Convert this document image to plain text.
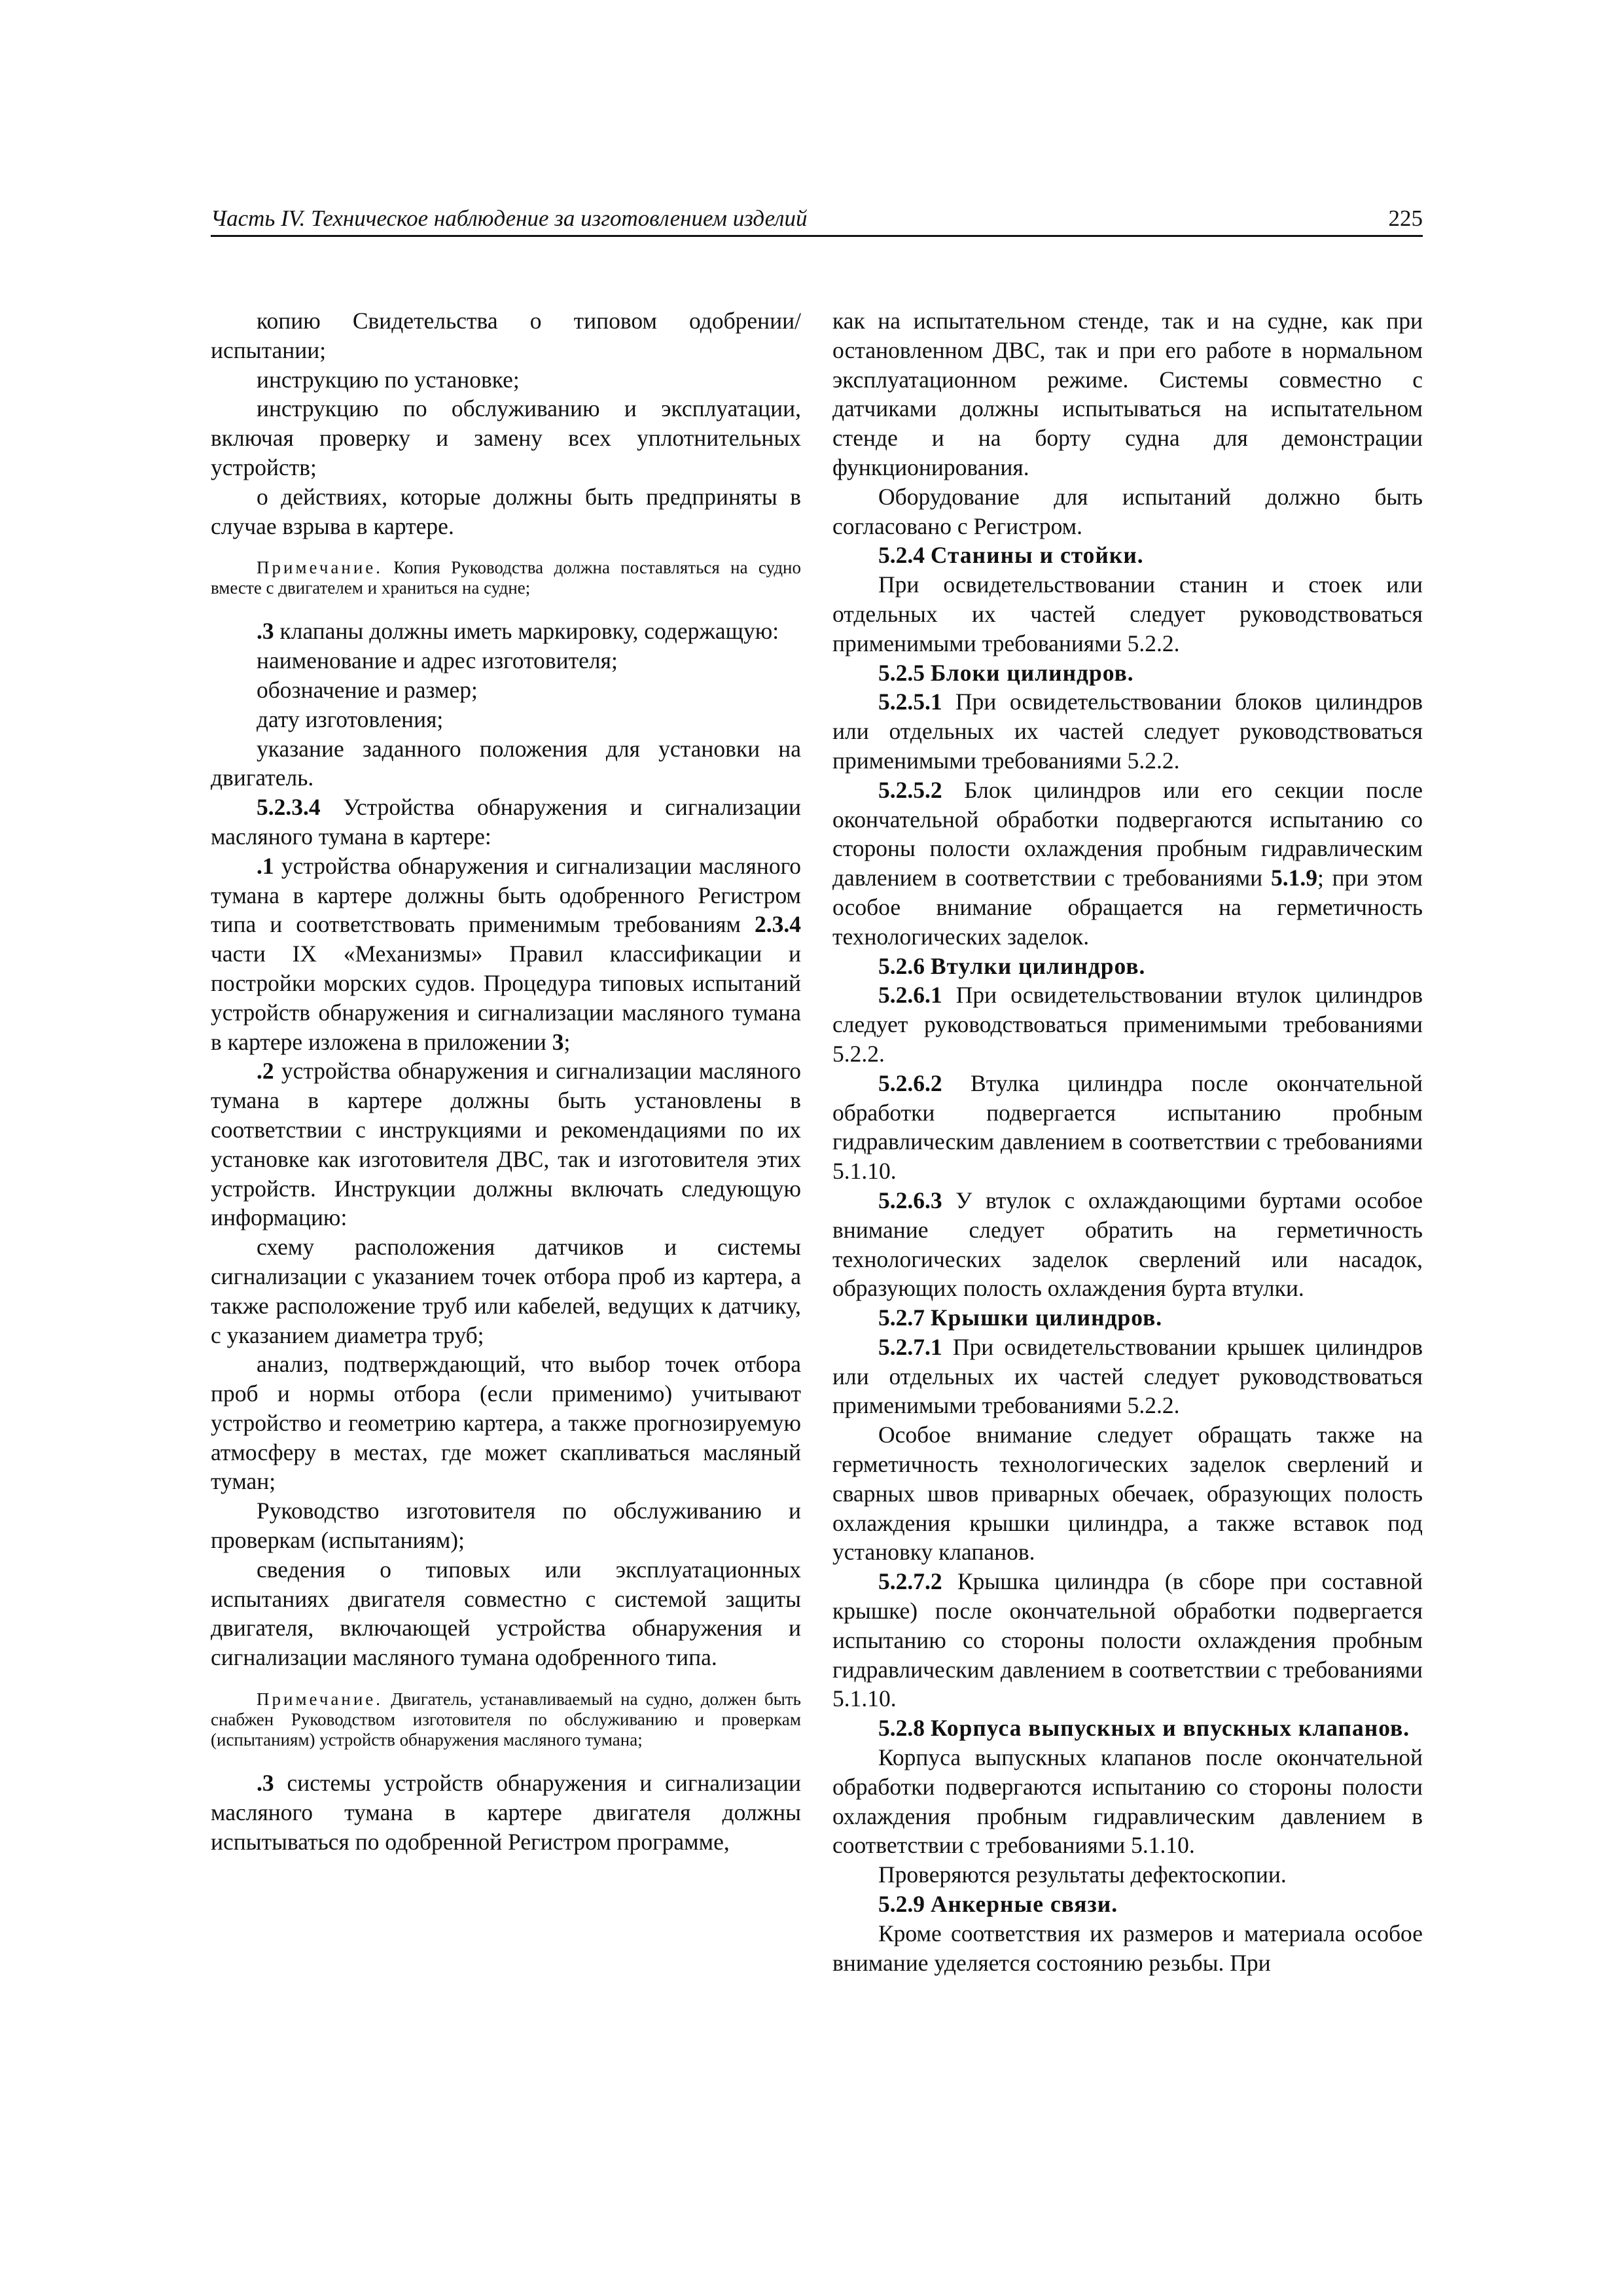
Часть IV. Техническое наблюдение за изготовлением изделий	225

копию Свидетельства о типовом одобрении/испытании;

инструкцию по установке;

инструкцию по обслуживанию и эксплуатации, включая проверку и замену всех уплотнительных устройств;

о действиях, которые должны быть предприняты в случае взрыва в картере.

Примечание. Копия Руководства должна поставляться на судно вместе с двигателем и храниться на судне;

.3 клапаны должны иметь маркировку, содержащую:

наименование и адрес изготовителя;

обозначение и размер;

дату изготовления;

указание заданного положения для установки на двигатель.

5.2.3.4 Устройства обнаружения и сигнализации масляного тумана в картере:

.1 устройства обнаружения и сигнализации масляного тумана в картере должны быть одобренного Регистром типа и соответствовать применимым требованиям 2.3.4 части IX «Механизмы» Правил классификации и постройки морских судов. Процедура типовых испытаний устройств обнаружения и сигнализации масляного тумана в картере изложена в приложении 3;

.2 устройства обнаружения и сигнализации масляного тумана в картере должны быть установлены в соответствии с инструкциями и рекомендациями по их установке как изготовителя ДВС, так и изготовителя этих устройств. Инструкции должны включать следующую информацию:

схему расположения датчиков и системы сигнализации с указанием точек отбора проб из картера, а также расположение труб или кабелей, ведущих к датчику, с указанием диаметра труб;

анализ, подтверждающий, что выбор точек отбора проб и нормы отбора (если применимо) учитывают устройство и геометрию картера, а также прогнозируемую атмосферу в местах, где может скапливаться масляный туман;

Руководство изготовителя по обслуживанию и проверкам (испытаниям);

сведения о типовых или эксплуатационных испытаниях двигателя совместно с системой защиты двигателя, включающей устройства обнаружения и сигнализации масляного тумана одобренного типа.

Примечание. Двигатель, устанавливаемый на судно, должен быть снабжен Руководством изготовителя по обслуживанию и проверкам (испытаниям) устройств обнаружения масляного тумана;

.3 системы устройств обнаружения и сигнализации масляного тумана в картере двигателя должны испытываться по одобренной Регистром программе,

как на испытательном стенде, так и на судне, как при остановленном ДВС, так и при его работе в нормальном эксплуатационном режиме. Системы совместно с датчиками должны испытываться на испытательном стенде и на борту судна для демонстрации функционирования.

Оборудование для испытаний должно быть согласовано с Регистром.

5.2.4 Станины и стойки.

При освидетельствовании станин и стоек или отдельных их частей следует руководствоваться применимыми требованиями 5.2.2.

5.2.5 Блоки цилиндров.

5.2.5.1 При освидетельствовании блоков цилиндров или отдельных их частей следует руководствоваться применимыми требованиями 5.2.2.

5.2.5.2 Блок цилиндров или его секции после окончательной обработки подвергаются испытанию со стороны полости охлаждения пробным гидравлическим давлением в соответствии с требованиями 5.1.9; при этом особое внимание обращается на герметичность технологических заделок.

5.2.6 Втулки цилиндров.

5.2.6.1 При освидетельствовании втулок цилиндров следует руководствоваться применимыми требованиями 5.2.2.

5.2.6.2 Втулка цилиндра после окончательной обработки подвергается испытанию пробным гидравлическим давлением в соответствии с требованиями 5.1.10.

5.2.6.3 У втулок с охлаждающими буртами особое внимание следует обратить на герметичность технологических заделок сверлений или насадок, образующих полость охлаждения бурта втулки.

5.2.7 Крышки цилиндров.

5.2.7.1 При освидетельствовании крышек цилиндров или отдельных их частей следует руководствоваться применимыми требованиями 5.2.2.

Особое внимание следует обращать также на герметичность технологических заделок сверлений и сварных швов приварных обечаек, образующих полость охлаждения крышки цилиндра, а также вставок под установку клапанов.

5.2.7.2 Крышка цилиндра (в сборе при составной крышке) после окончательной обработки подвергается испытанию со стороны полости охлаждения пробным гидравлическим давлением в соответствии с требованиями 5.1.10.

5.2.8 Корпуса выпускных и впускных клапанов.

Корпуса выпускных клапанов после окончательной обработки подвергаются испытанию со стороны полости охлаждения пробным гидравлическим давлением в соответствии с требованиями 5.1.10.

Проверяются результаты дефектоскопии.

5.2.9 Анкерные связи.

Кроме соответствия их размеров и материала особое внимание уделяется состоянию резьбы. При
